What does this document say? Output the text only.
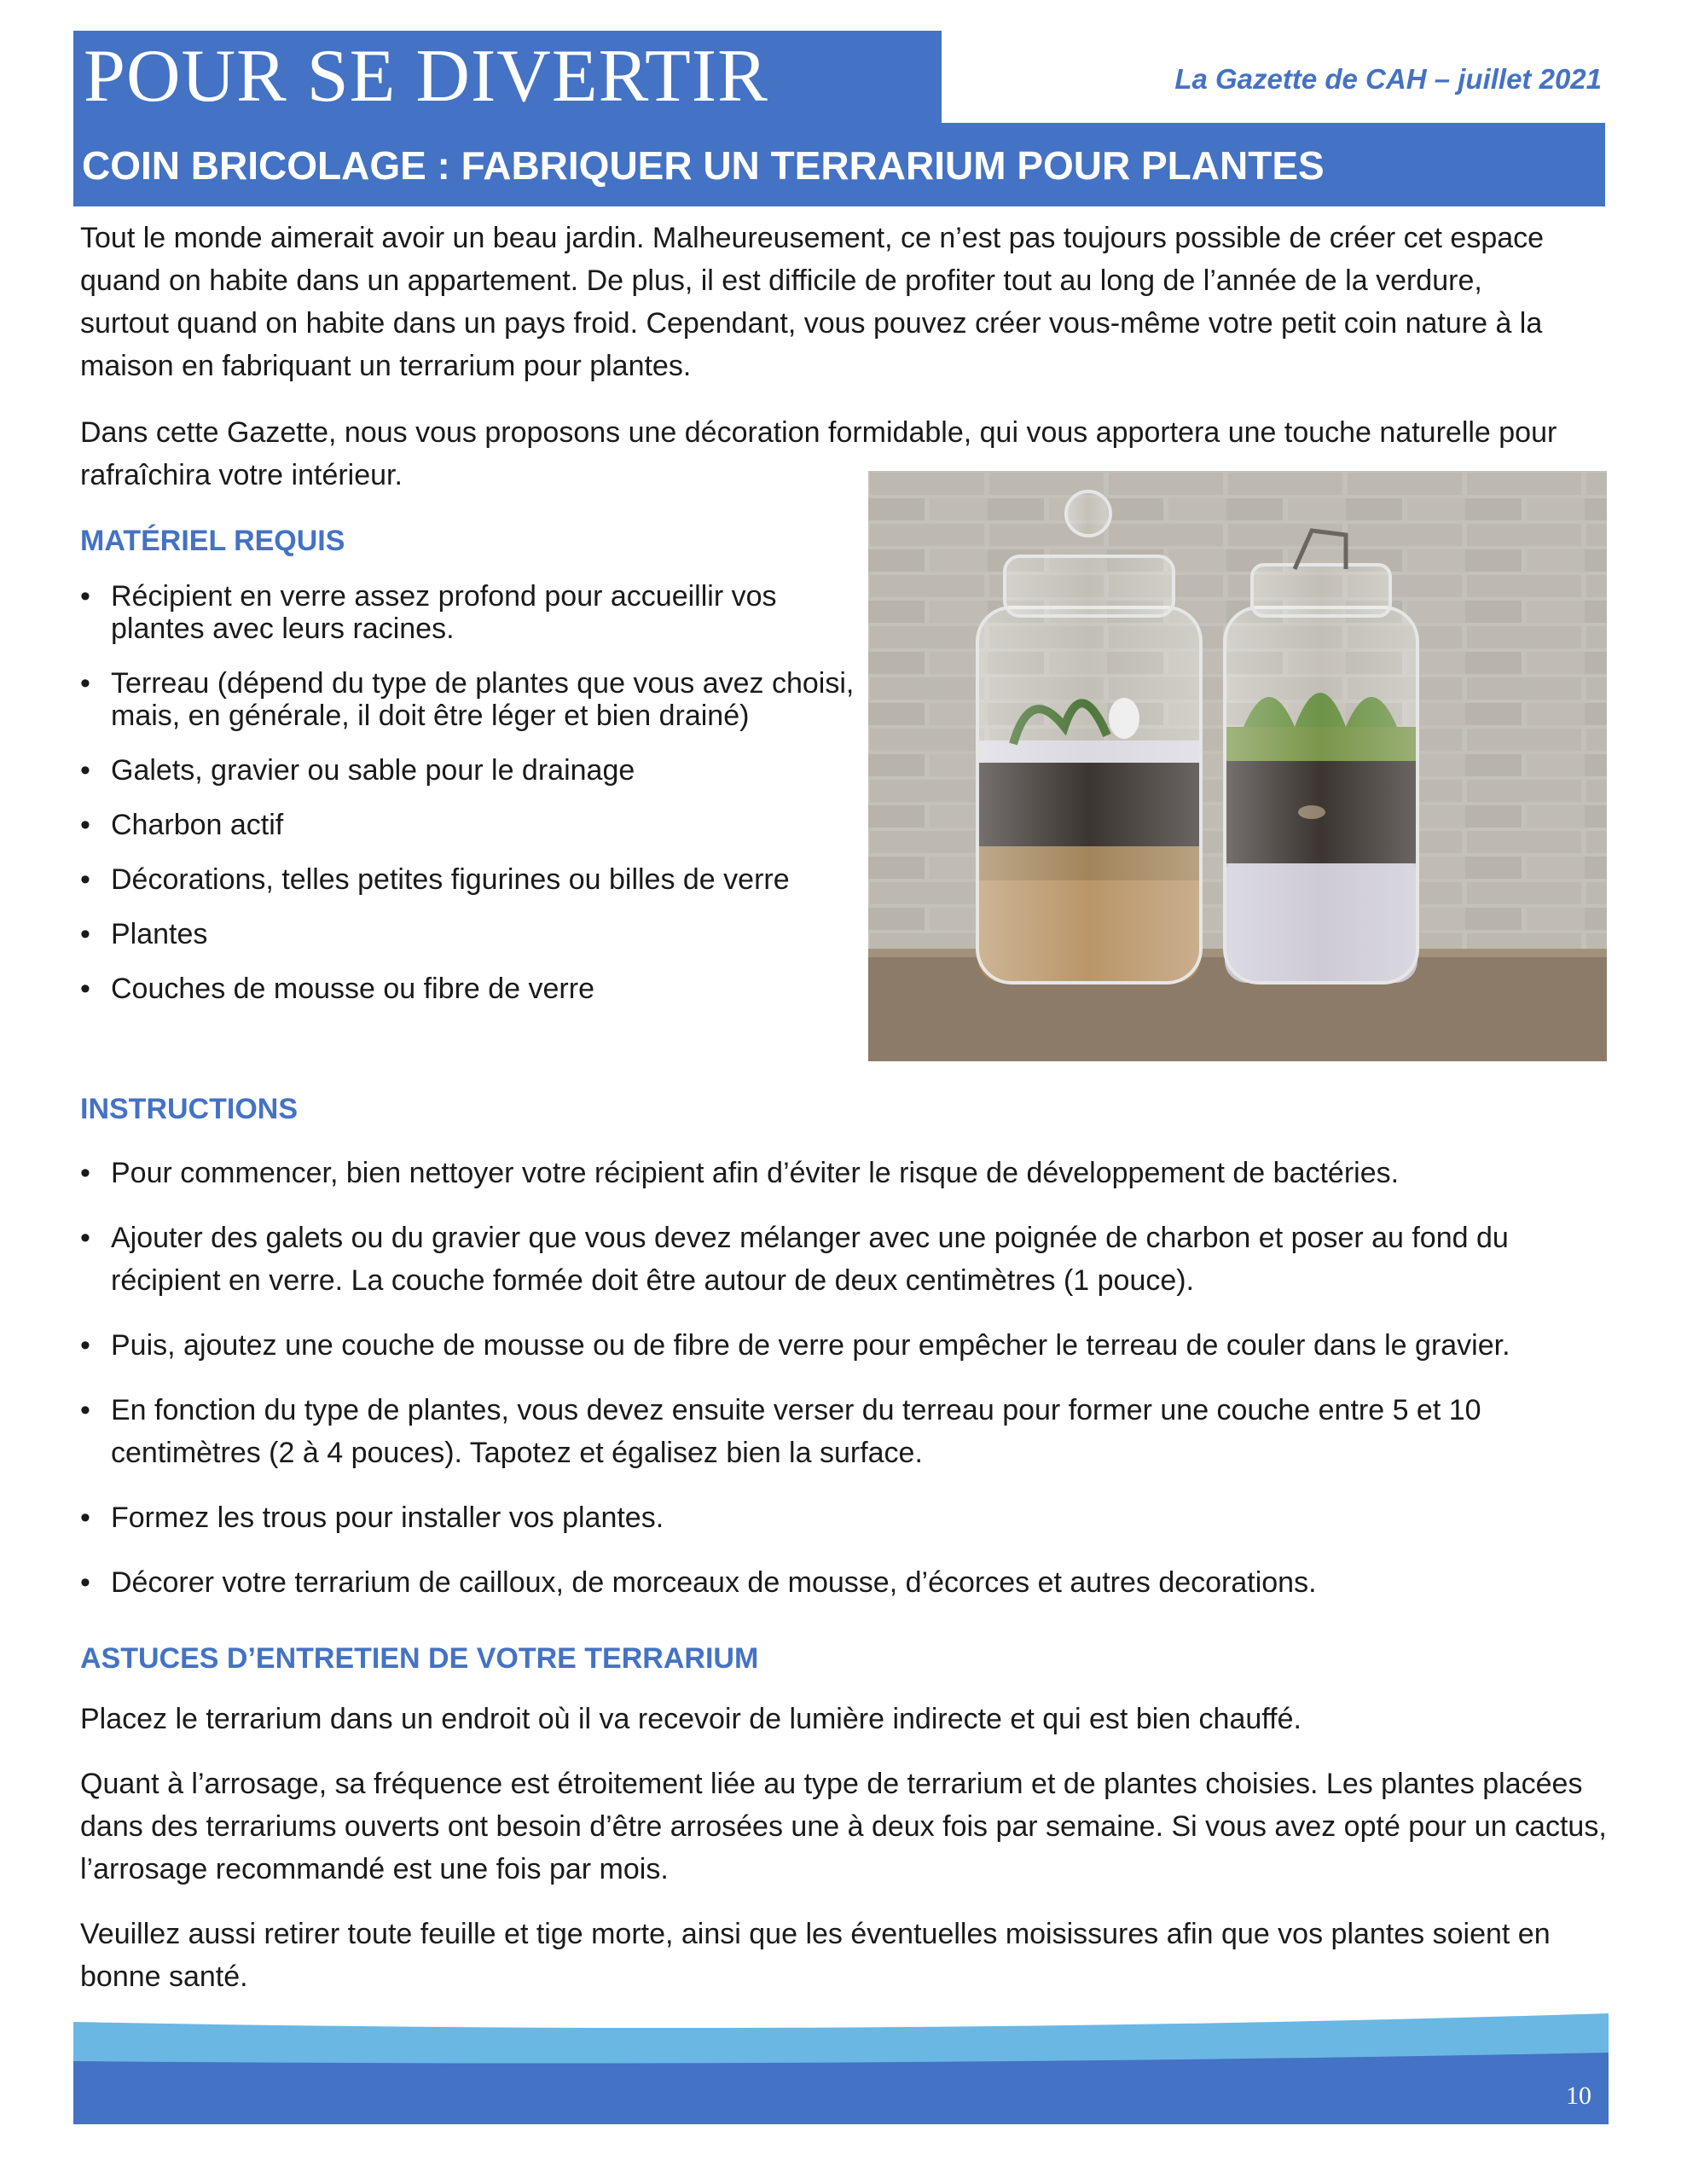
POUR SE DIVERTIR	La Gazette de CAH – juillet 2021
COIN BRICOLAGE : FABRIQUER UN TERRARIUM POUR PLANTES

Tout le monde aimerait avoir un beau jardin. Malheureusement, ce n’est pas toujours possible de créer cet espace quand on habite dans un appartement. De plus, il est difficile de profiter tout au long de l’année de la verdure, surtout quand on habite dans un pays froid. Cependant, vous pouvez créer vous-même votre petit coin nature à la maison en fabriquant un terrarium pour plantes.

Dans cette Gazette, nous vous proposons une décoration formidable, qui vous apportera une touche naturelle pour rafraîchira votre intérieur.

MATÉRIEL REQUIS
• Récipient en verre assez profond pour accueillir vos plantes avec leurs racines.
• Terreau (dépend du type de plantes que vous avez choisi, mais, en générale, il doit être léger et bien drainé)
• Galets, gravier ou sable pour le drainage
• Charbon actif
• Décorations, telles petites figurines ou billes de verre
• Plantes
• Couches de mousse ou fibre de verre
INSTRUCTIONS
• Pour commencer, bien nettoyer votre récipient afin d’éviter le risque de développement de bactéries.
• Ajouter des galets ou du gravier que vous devez mélanger avec une poignée de charbon et poser au fond du récipient en verre. La couche formée doit être autour de deux centimètres (1 pouce).
• Puis, ajoutez une couche de mousse ou de fibre de verre pour empêcher le terreau de couler dans le gravier.
• En fonction du type de plantes, vous devez ensuite verser du terreau pour former une couche entre 5 et 10 centimètres (2 à 4 pouces). Tapotez et égalisez bien la surface.
• Formez les trous pour installer vos plantes.
• Décorer votre terrarium de cailloux, de morceaux de mousse, d’écorces et autres decorations.
ASTUCES D’ENTRETIEN DE VOTRE TERRARIUM

Placez le terrarium dans un endroit où il va recevoir de lumière indirecte et qui est bien chauffé.

Quant à l’arrosage, sa fréquence est étroitement liée au type de terrarium et de plantes choisies. Les plantes placées dans des terrariums ouverts ont besoin d’être arrosées une à deux fois par semaine. Si vous avez opté pour un cactus, l’arrosage recommandé est une fois par mois.

Veuillez aussi retirer toute feuille et tige morte, ainsi que les éventuelles moisissures afin que vos plantes soient en bonne santé.

10
